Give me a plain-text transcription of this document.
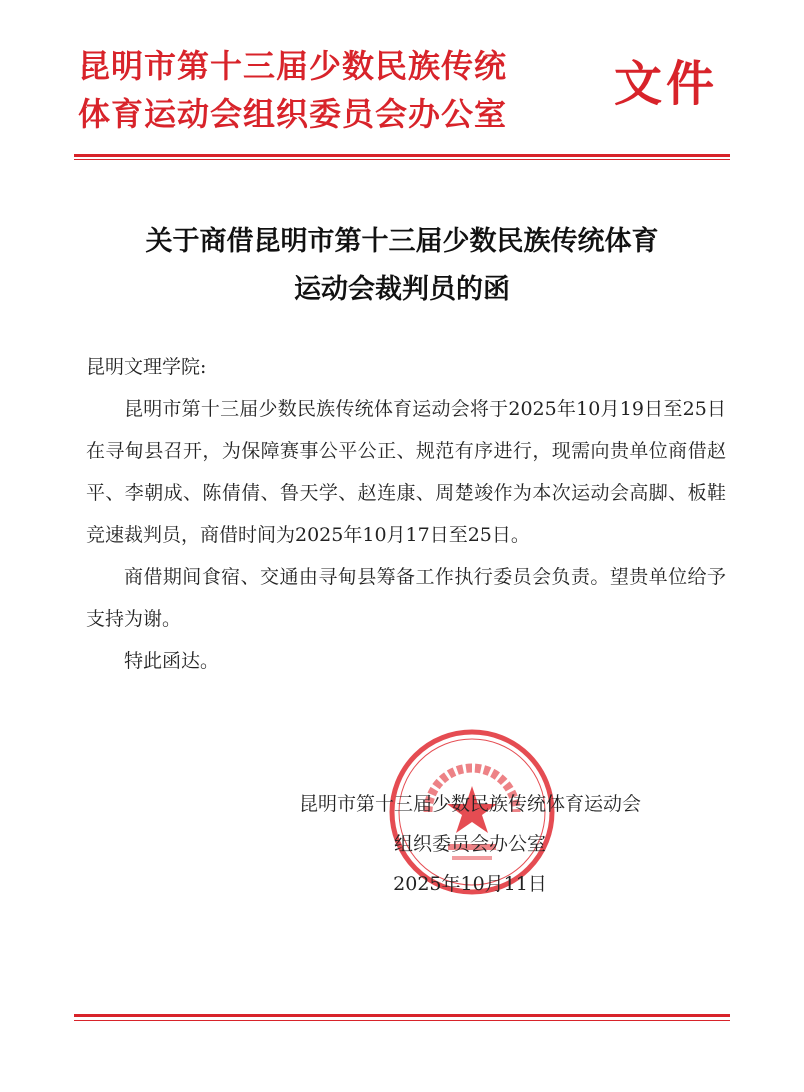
昆明市第十三届少数民族传统
体育运动会组织委员会办公室
文件
关于商借昆明市第十三届少数民族传统体育
运动会裁判员的函
昆明文理学院:

昆明市第十三届少数民族传统体育运动会将于2025年10月19日至25日在寻甸县召开，为保障赛事公平公正、规范有序进行，现需向贵单位商借赵平、李朝成、陈倩倩、鲁天学、赵连康、周楚竣作为本次运动会高脚、板鞋竞速裁判员，商借时间为2025年10月17日至25日。

商借期间食宿、交通由寻甸县筹备工作执行委员会负责。望贵单位给予支持为谢。

特此函达。

昆明市第十三届少数民族传统体育运动会
组织委员会办公室
2025年10月11日
